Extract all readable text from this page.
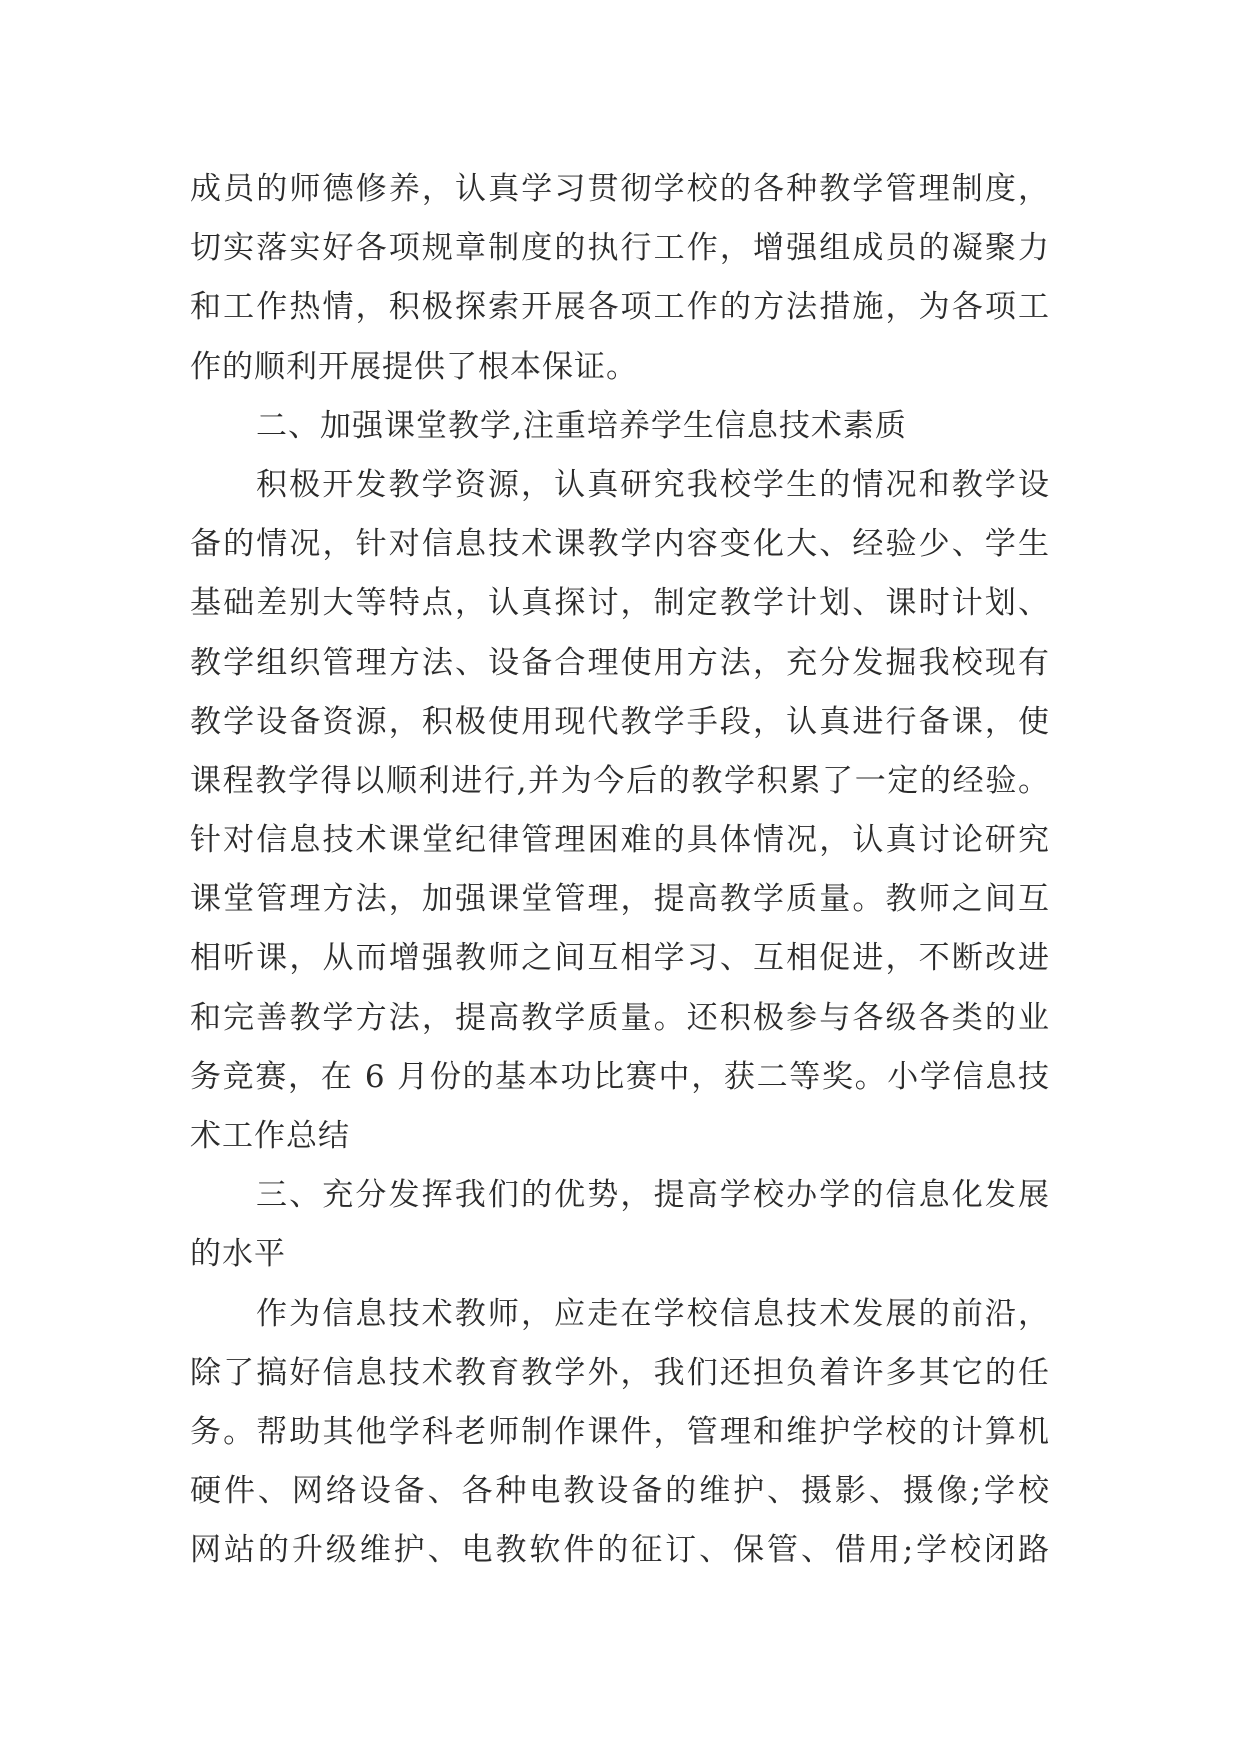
成员的师德修养，认真学习贯彻学校的各种教学管理制度，
切实落实好各项规章制度的执行工作，增强组成员的凝聚力
和工作热情，积极探索开展各项工作的方法措施，为各项工
作的顺利开展提供了根本保证。
二、加强课堂教学,注重培养学生信息技术素质
积极开发教学资源，认真研究我校学生的情况和教学设
备的情况，针对信息技术课教学内容变化大、经验少、学生
基础差别大等特点，认真探讨，制定教学计划、课时计划、
教学组织管理方法、设备合理使用方法，充分发掘我校现有
教学设备资源，积极使用现代教学手段，认真进行备课，使
课程教学得以顺利进行,并为今后的教学积累了一定的经验。
针对信息技术课堂纪律管理困难的具体情况，认真讨论研究
课堂管理方法，加强课堂管理，提高教学质量。教师之间互
相听课，从而增强教师之间互相学习、互相促进，不断改进
和完善教学方法，提高教学质量。还积极参与各级各类的业
务竞赛，在 6 月份的基本功比赛中，获二等奖。小学信息技
术工作总结
三、充分发挥我们的优势，提高学校办学的信息化发展
的水平
作为信息技术教师，应走在学校信息技术发展的前沿，
除了搞好信息技术教育教学外，我们还担负着许多其它的任
务。帮助其他学科老师制作课件，管理和维护学校的计算机
硬件、网络设备、各种电教设备的维护、摄影、摄像;学校
网站的升级维护、电教软件的征订、保管、借用;学校闭路
